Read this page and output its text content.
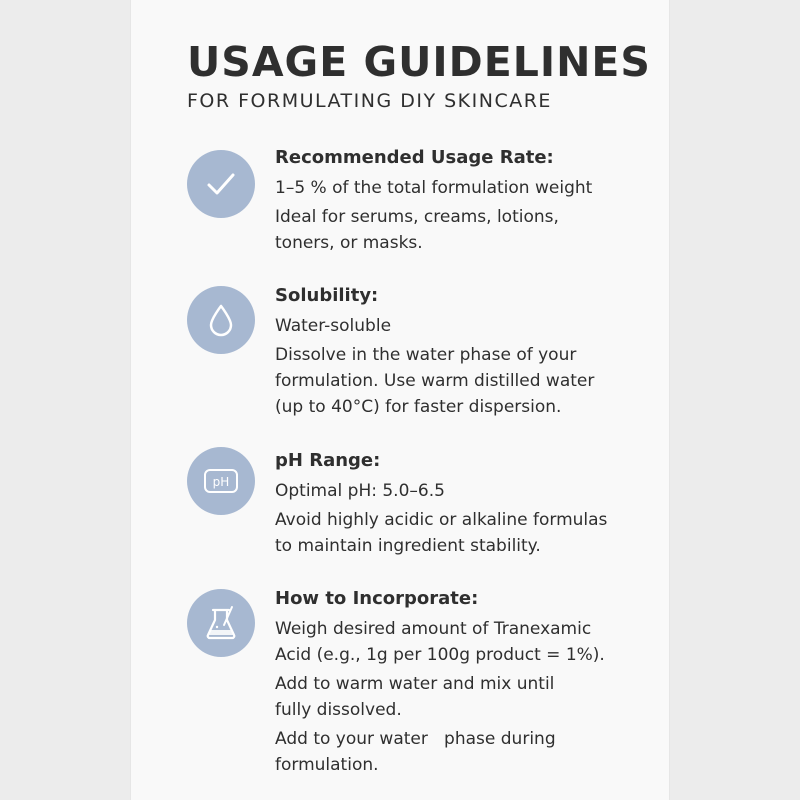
USAGE GUIDELINES
FOR FORMULATING DIY SKINCARE
Recommended Usage Rate:
1–5 % of the total formulation weight
Ideal for serums, creams, lotions,
toners, or masks.
Solubility:
Water-soluble
Dissolve in the water phase of your
formulation. Use warm distilled water
(up to 40°C) for faster dispersion.
pH
pH Range:
Optimal pH: 5.0–6.5
Avoid highly acidic or alkaline formulas
to maintain ingredient stability.
How to Incorporate:
Weigh desired amount of Tranexamic
Acid (e.g., 1g per 100g product = 1%).
Add to warm water and mix until
fully dissolved.
Add to your water   phase during
formulation.
